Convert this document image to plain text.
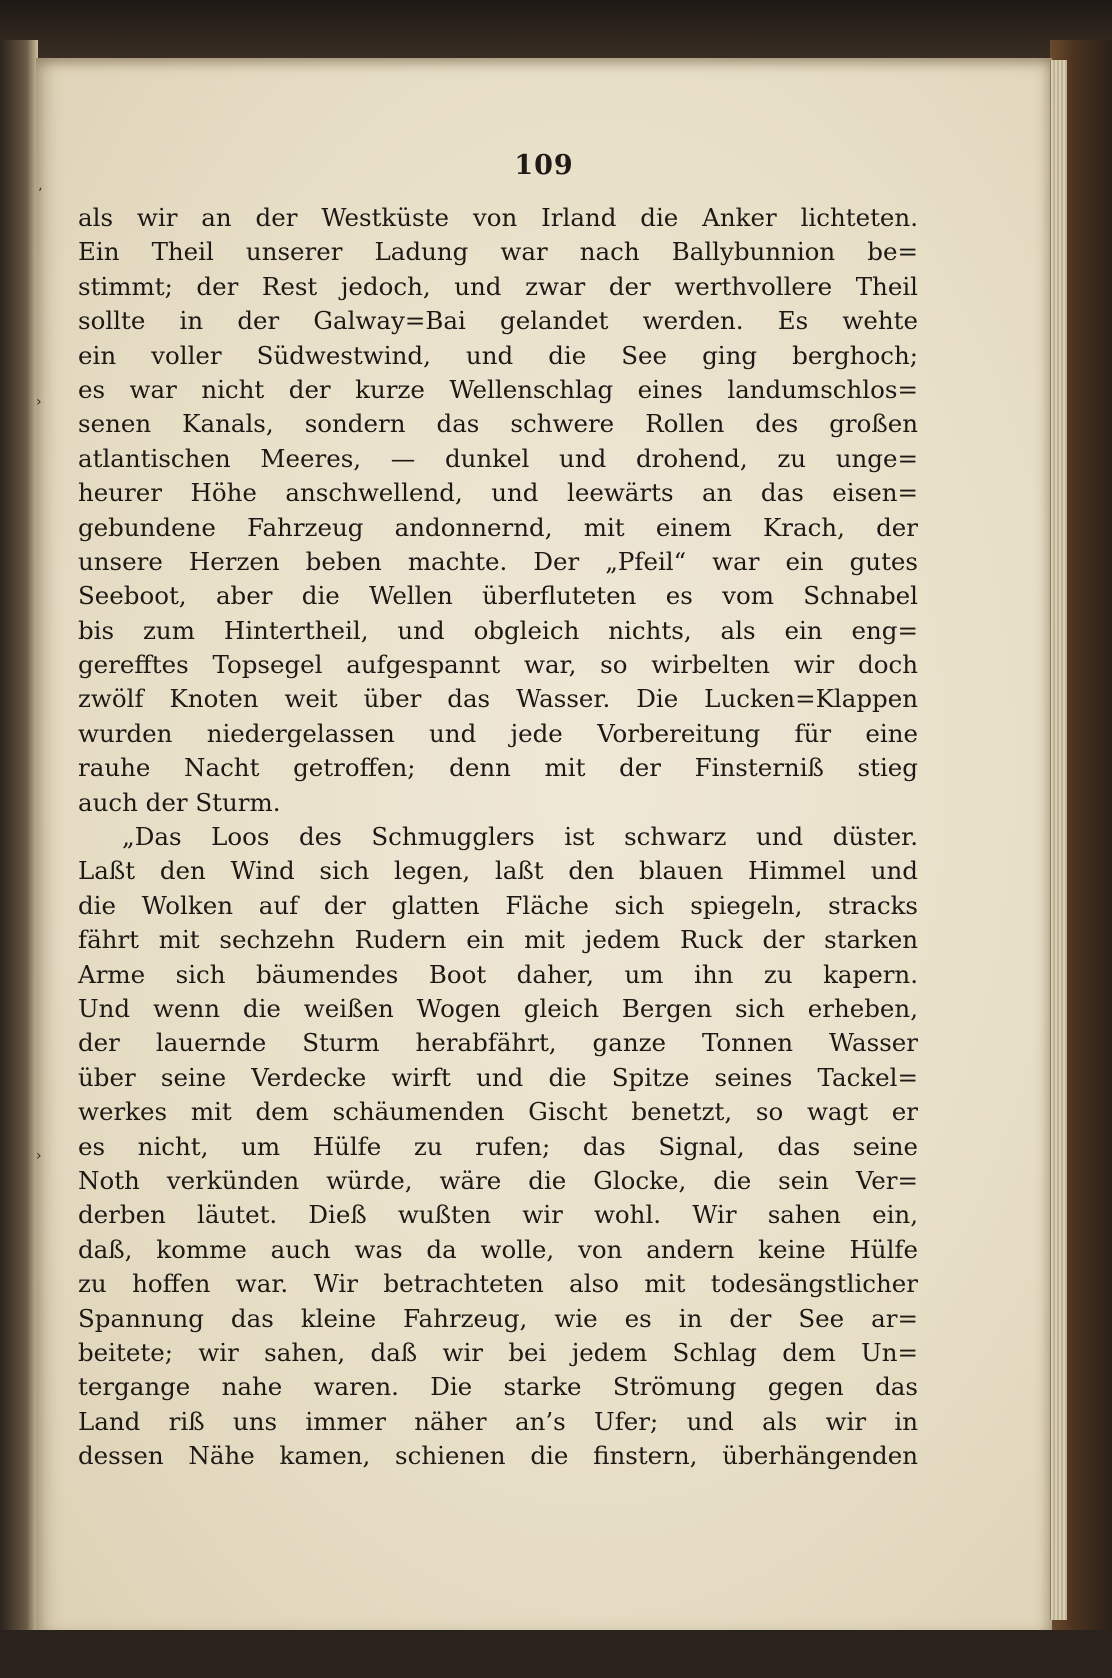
109
als wir an der Westküste von Irland die Anker lichteten.
Ein Theil unserer Ladung war nach Ballybunnion be=
stimmt; der Rest jedoch, und zwar der werthvollere Theil
sollte in der Galway=Bai gelandet werden. Es wehte
ein voller Südwestwind, und die See ging berghoch;
es war nicht der kurze Wellenschlag eines landumschlos=
senen Kanals, sondern das schwere Rollen des großen
atlantischen Meeres, — dunkel und drohend, zu unge=
heurer Höhe anschwellend, und leewärts an das eisen=
gebundene Fahrzeug andonnernd, mit einem Krach, der
unsere Herzen beben machte. Der „Pfeil“ war ein gutes
Seeboot, aber die Wellen überfluteten es vom Schnabel
bis zum Hintertheil, und obgleich nichts, als ein eng=
gerefftes Topsegel aufgespannt war, so wirbelten wir doch
zwölf Knoten weit über das Wasser. Die Lucken=Klappen
wurden niedergelassen und jede Vorbereitung für eine
rauhe Nacht getroffen; denn mit der Finsterniß stieg
auch der Sturm.
„Das Loos des Schmugglers ist schwarz und düster.
Laßt den Wind sich legen, laßt den blauen Himmel und
die Wolken auf der glatten Fläche sich spiegeln, stracks
fährt mit sechzehn Rudern ein mit jedem Ruck der starken
Arme sich bäumendes Boot daher, um ihn zu kapern.
Und wenn die weißen Wogen gleich Bergen sich erheben,
der lauernde Sturm herabfährt, ganze Tonnen Wasser
über seine Verdecke wirft und die Spitze seines Tackel=
werkes mit dem schäumenden Gischt benetzt, so wagt er
es nicht, um Hülfe zu rufen; das Signal, das seine
Noth verkünden würde, wäre die Glocke, die sein Ver=
derben läutet. Dieß wußten wir wohl. Wir sahen ein,
daß, komme auch was da wolle, von andern keine Hülfe
zu hoffen war. Wir betrachteten also mit todesängstlicher
Spannung das kleine Fahrzeug, wie es in der See ar=
beitete; wir sahen, daß wir bei jedem Schlag dem Un=
tergange nahe waren. Die starke Strömung gegen das
Land riß uns immer näher an’s Ufer; und als wir in
dessen Nähe kamen, schienen die finstern, überhängenden
ʼ
›
›
